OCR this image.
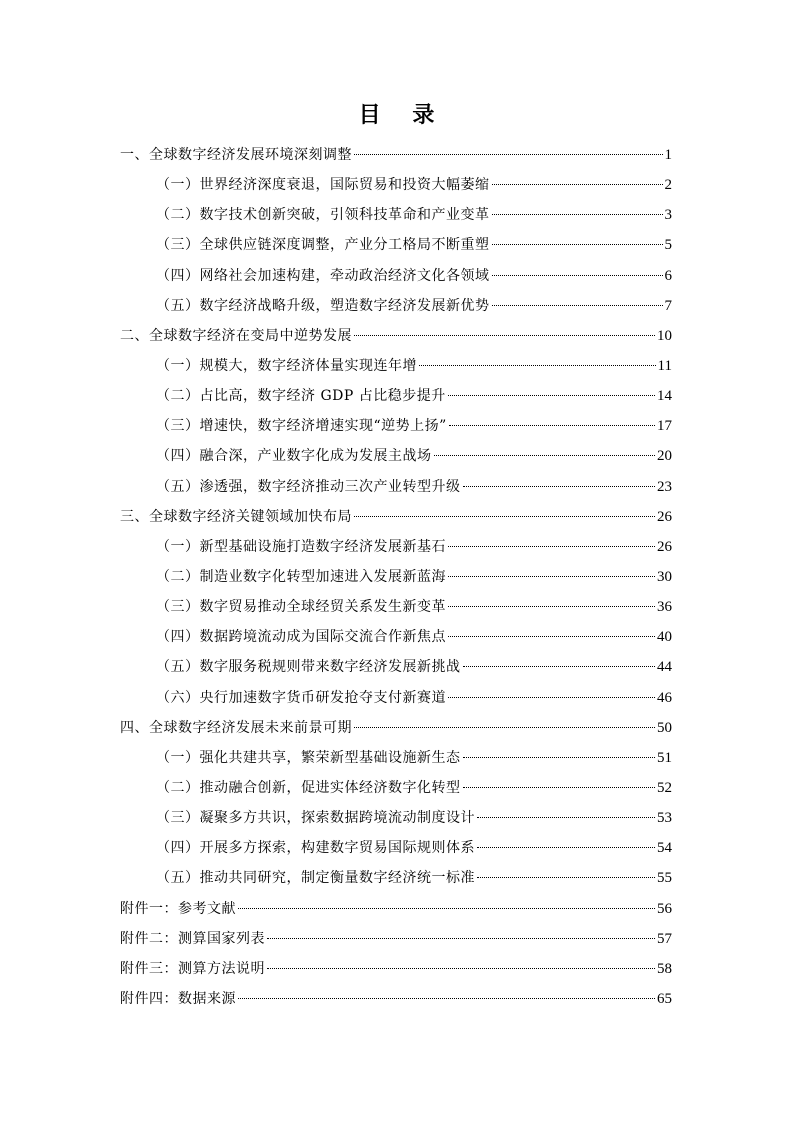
目 录
一、全球数字经济发展环境深刻调整	1
（一）世界经济深度衰退，国际贸易和投资大幅萎缩	2
（二）数字技术创新突破，引领科技革命和产业变革	3
（三）全球供应链深度调整，产业分工格局不断重塑	5
（四）网络社会加速构建，牵动政治经济文化各领域	6
（五）数字经济战略升级，塑造数字经济发展新优势	7
二、全球数字经济在变局中逆势发展	10
（一）规模大，数字经济体量实现连年增	11
（二）占比高，数字经济 GDP 占比稳步提升	14
（三）增速快，数字经济增速实现“逆势上扬”	17
（四）融合深，产业数字化成为发展主战场	20
（五）渗透强，数字经济推动三次产业转型升级	23
三、全球数字经济关键领域加快布局	26
（一）新型基础设施打造数字经济发展新基石	26
（二）制造业数字化转型加速进入发展新蓝海	30
（三）数字贸易推动全球经贸关系发生新变革	36
（四）数据跨境流动成为国际交流合作新焦点	40
（五）数字服务税规则带来数字经济发展新挑战	44
（六）央行加速数字货币研发抢夺支付新赛道	46
四、全球数字经济发展未来前景可期	50
（一）强化共建共享，繁荣新型基础设施新生态	51
（二）推动融合创新，促进实体经济数字化转型	52
（三）凝聚多方共识，探索数据跨境流动制度设计	53
（四）开展多方探索，构建数字贸易国际规则体系	54
（五）推动共同研究，制定衡量数字经济统一标准	55
附件一：参考文献	56
附件二：测算国家列表	57
附件三：测算方法说明	58
附件四：数据来源	65
